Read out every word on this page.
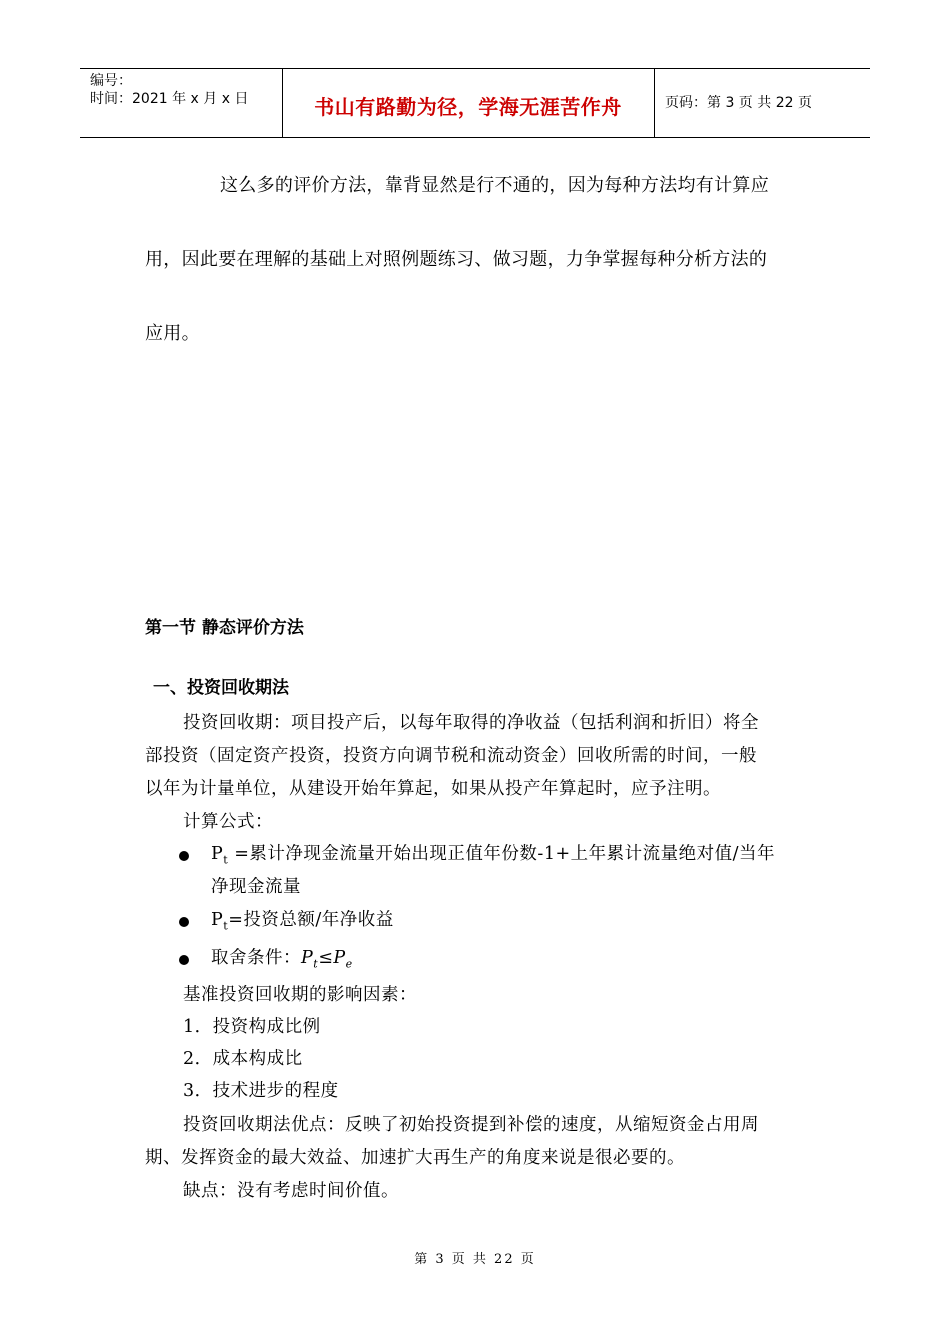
编号：
时间：2021 年 x 月 x 日	书山有路勤为径，学海无涯苦作舟	页码：第 3 页 共 22 页
这么多的评价方法，靠背显然是行不通的，因为每种方法均有计算应
用，因此要在理解的基础上对照例题练习、做习题，力争掌握每种分析方法的
应用。
第一节 静态评价方法
一、投资回收期法
投资回收期：项目投产后，以每年取得的净收益（包括利润和折旧）将全
部投资（固定资产投资，投资方向调节税和流动资金）回收所需的时间，一般
以年为计量单位，从建设开始年算起，如果从投产年算起时，应予注明。
计算公式：
$P_t$ =累计净现金流量开始出现正值年份数-1+上年累计流量绝对值/当年
净现金流量
$P_t=$投资总额/年净收益
取舍条件：$P_t\le P_e$
基准投资回收期的影响因素：
1．投资构成比例
2．成本构成比
3．技术进步的程度
投资回收期法优点：反映了初始投资提到补偿的速度，从缩短资金占用周
期、发挥资金的最大效益、加速扩大再生产的角度来说是很必要的。
缺点：没有考虑时间价值。
第 3 页 共 22 页
